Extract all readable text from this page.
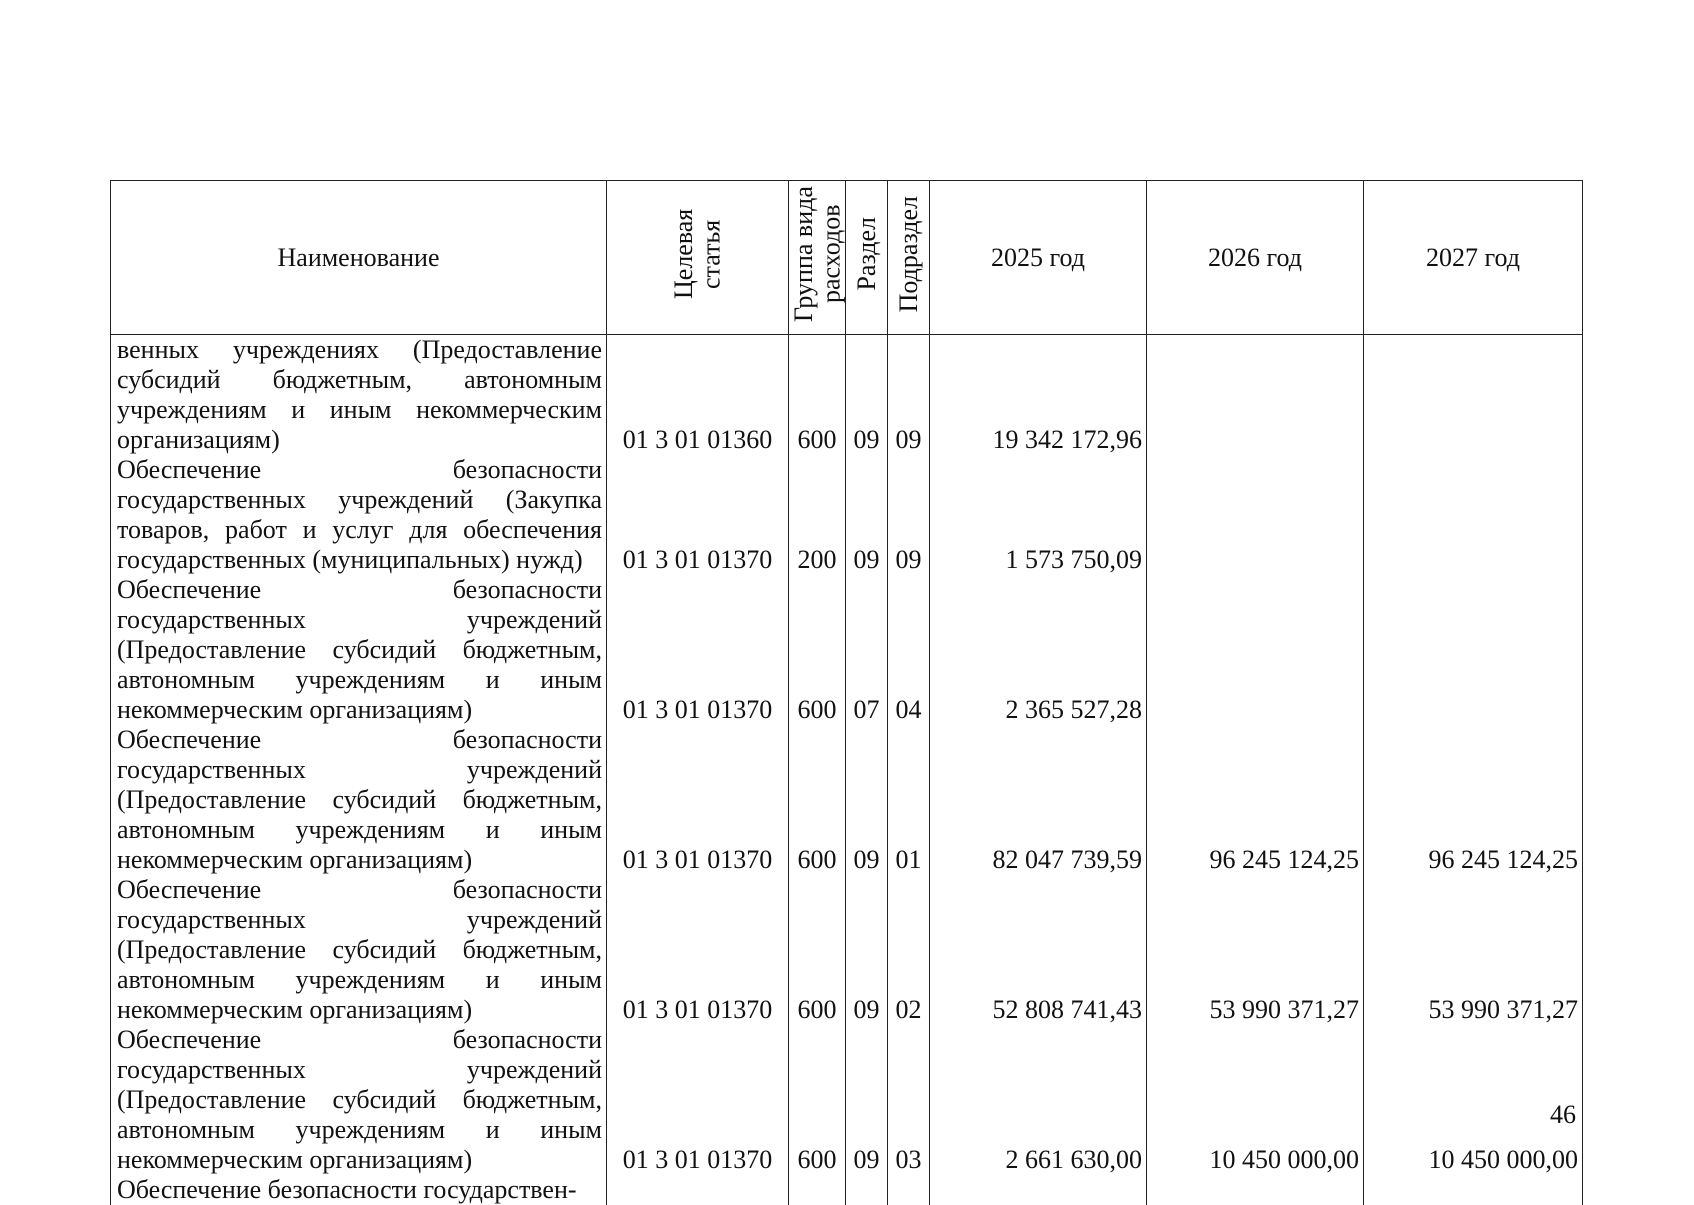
Наименование	Целевая статья	Группа вида расходов	Раздел	Подраздел	2025 год	2026 год	2027 год
венных учреждениях (Предоставление субсидий бюджетным, автономным учреждениям и иным некоммерческим организациям)	01 3 01 01360	600	09	09	19 342 172,96		
Обеспечение безопасности государственных учреждений (Закупка товаров, работ и услуг для обеспечения государственных (муниципальных) нужд)	01 3 01 01370	200	09	09	1 573 750,09		
Обеспечение безопасности государственных учреждений (Предоставление субсидий бюджетным, автономным учреждениям и иным некоммерческим организациям)	01 3 01 01370	600	07	04	2 365 527,28		
Обеспечение безопасности государственных учреждений (Предоставление субсидий бюджетным, автономным учреждениям и иным некоммерческим организациям)	01 3 01 01370	600	09	01	82 047 739,59	96 245 124,25	96 245 124,25
Обеспечение безопасности государственных учреждений (Предоставление субсидий бюджетным, автономным учреждениям и иным некоммерческим организациям)	01 3 01 01370	600	09	02	52 808 741,43	53 990 371,27	53 990 371,27
Обеспечение безопасности государственных учреждений (Предоставление субсидий бюджетным, автономным учреждениям и иным некоммерческим организациям)	01 3 01 01370	600	09	03	2 661 630,00	10 450 000,00	10 450 000,00
Обеспечение безопасности государствен-							
46
